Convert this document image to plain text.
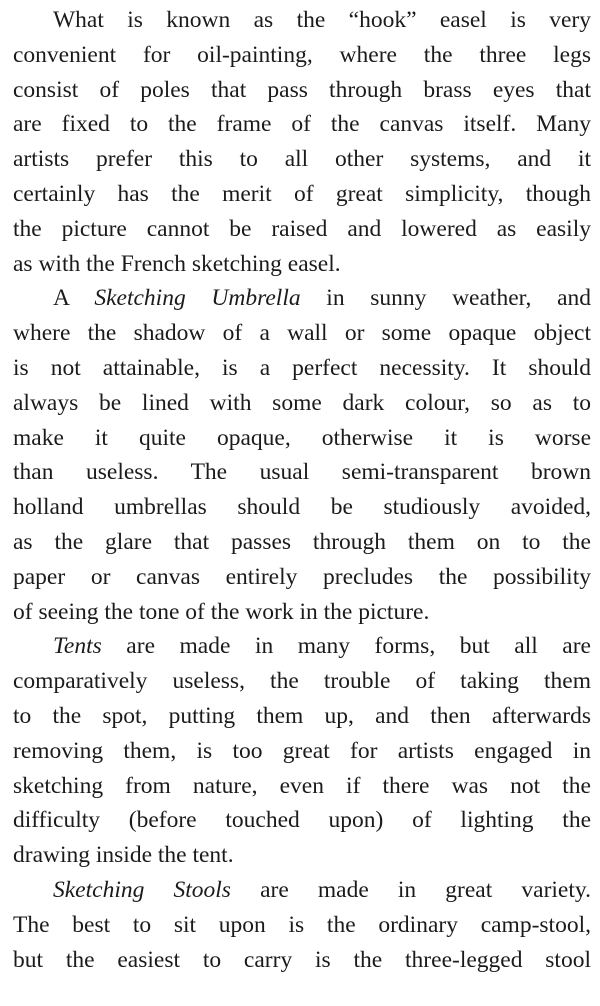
What is known as the “hook” easel is very
convenient for oil-painting, where the three legs
consist of poles that pass through brass eyes that
are fixed to the frame of the canvas itself. Many
artists prefer this to all other systems, and it
certainly has the merit of great simplicity, though
the picture cannot be raised and lowered as easily
as with the French sketching easel.
A Sketching Umbrella in sunny weather, and
where the shadow of a wall or some opaque object
is not attainable, is a perfect necessity. It should
always be lined with some dark colour, so as to
make it quite opaque, otherwise it is worse
than useless. The usual semi-transparent brown
holland umbrellas should be studiously avoided,
as the glare that passes through them on to the
paper or canvas entirely precludes the possibility
of seeing the tone of the work in the picture.
Tents are made in many forms, but all are
comparatively useless, the trouble of taking them
to the spot, putting them up, and then afterwards
removing them, is too great for artists engaged in
sketching from nature, even if there was not the
difficulty (before touched upon) of lighting the
drawing inside the tent.
Sketching Stools are made in great variety.
The best to sit upon is the ordinary camp-stool,
but the easiest to carry is the three-legged stool
